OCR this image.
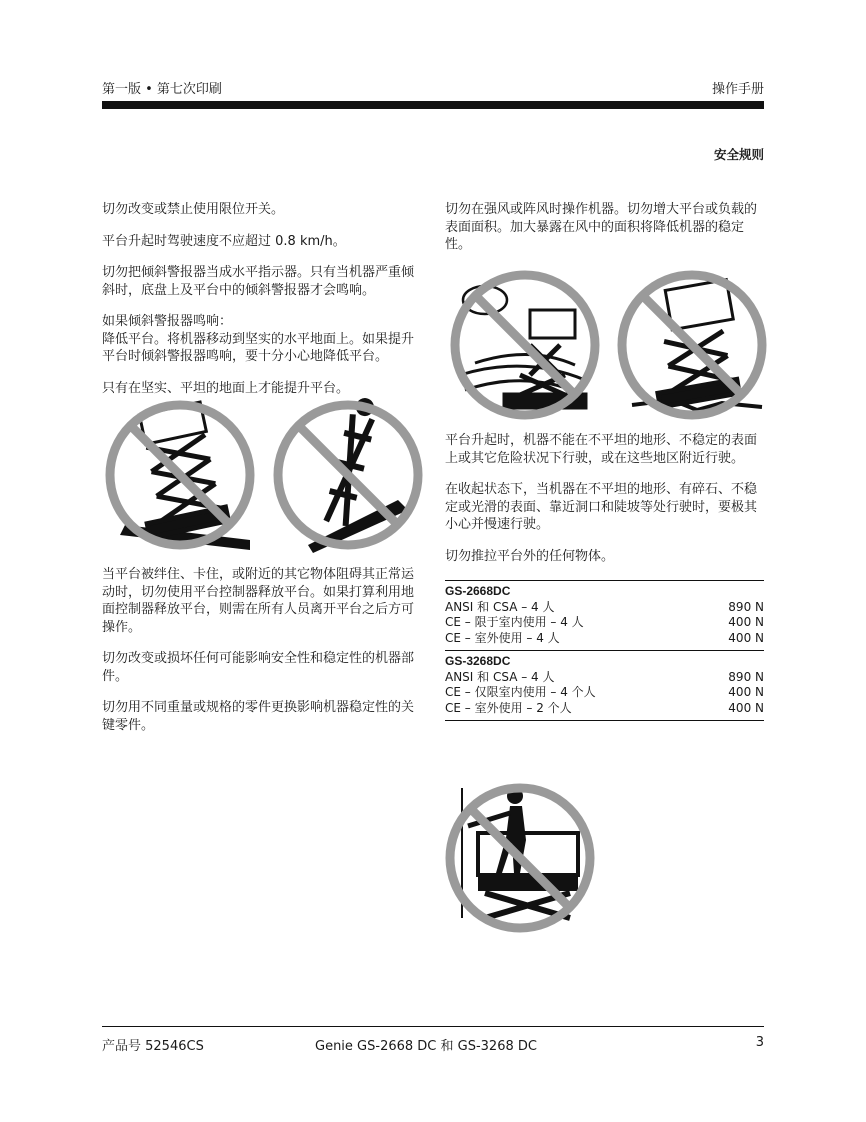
第一版 • 第七次印刷	操作手册
安全规则

切勿改变或禁止使用限位开关。

平台升起时驾驶速度不应超过 0.8 km/h。

切勿把倾斜警报器当成水平指示器。只有当机器严重倾斜时，底盘上及平台中的倾斜警报器才会鸣响。

如果倾斜警报器鸣响：
降低平台。将机器移动到坚实的水平地面上。如果提升平台时倾斜警报器鸣响，要十分小心地降低平台。

只有在坚实、平坦的地面上才能提升平台。

当平台被绊住、卡住，或附近的其它物体阻碍其正常运动时，切勿使用平台控制器释放平台。如果打算利用地面控制器释放平台，则需在所有人员离开平台之后方可操作。

切勿改变或损坏任何可能影响安全性和稳定性的机器部件。

切勿用不同重量或规格的零件更换影响机器稳定性的关键零件。

切勿在强风或阵风时操作机器。切勿增大平台或负载的表面面积。加大暴露在风中的面积将降低机器的稳定性。

平台升起时，机器不能在不平坦的地形、不稳定的表面上或其它危险状况下行驶，或在这些地区附近行驶。

在收起状态下，当机器在不平坦的地形、有碎石、不稳定或光滑的表面、靠近洞口和陡坡等处行驶时，要极其小心并慢速行驶。

切勿推拉平台外的任何物体。

GS-2668DC
ANSI 和 CSA – 4 人	890 N
CE – 限于室内使用 – 4 人	400 N
CE – 室外使用 – 4 人	400 N
GS-3268DC
ANSI 和 CSA – 4 人	890 N
CE – 仅限室内使用 – 4 个人	400 N
CE – 室外使用 – 2 个人	400 N
产品号 52546CS	Genie GS-2668 DC 和 GS-3268 DC	3
